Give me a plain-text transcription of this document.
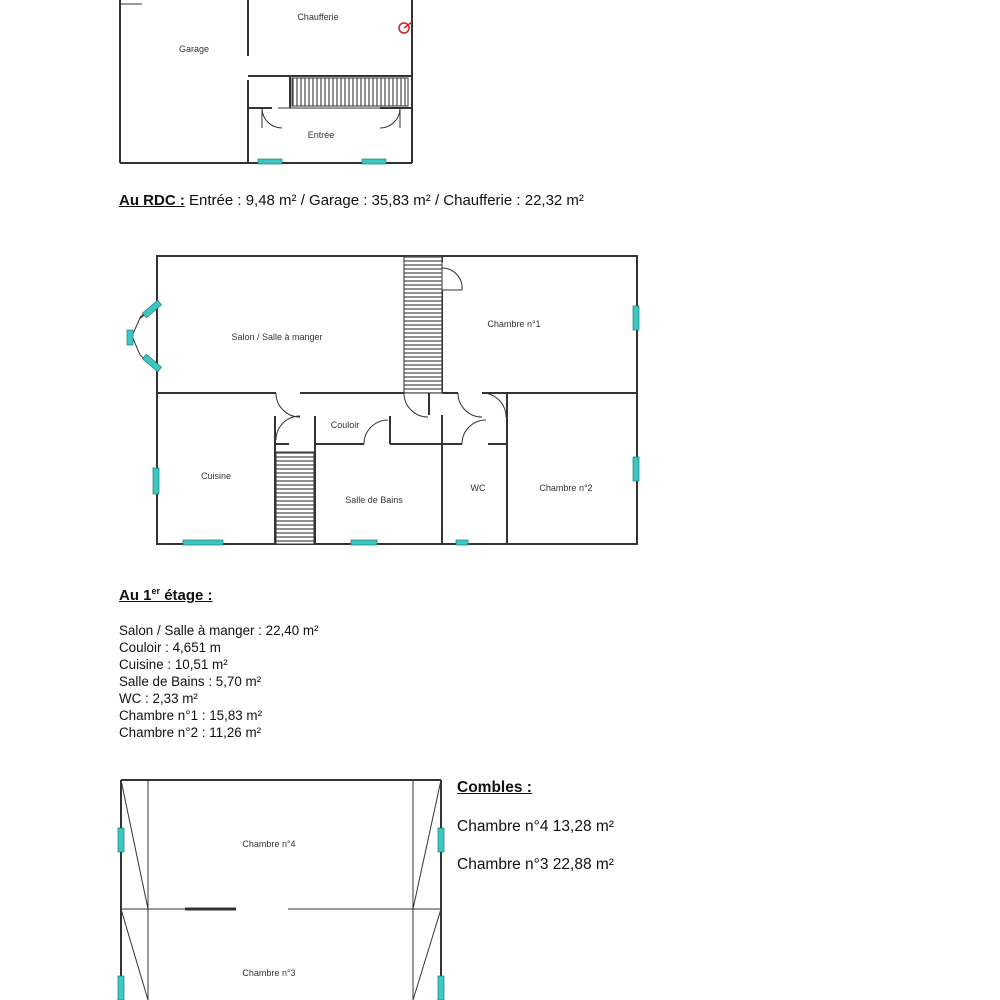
Chaufferie
Garage
Entrée
Salon / Salle à manger
Chambre n°1
Couloir
Cuisine
Salle de Bains
WC	Chambre n°2
Chambre n°4
Chambre n°3
Au RDC : Entrée : 9,48 m² / Garage : 35,83 m² / Chaufferie : 22,32 m²
Au 1er étage :
Salon / Salle à manger : 22,40 m²
Couloir : 4,651 m
Cuisine : 10,51 m²
Salle de Bains : 5,70 m²
WC : 2,33 m²
Chambre n°1 : 15,83 m²
Chambre n°2 : 11,26 m²
Combles :
Chambre n°4 13,28 m²
Chambre n°3 22,88 m²
